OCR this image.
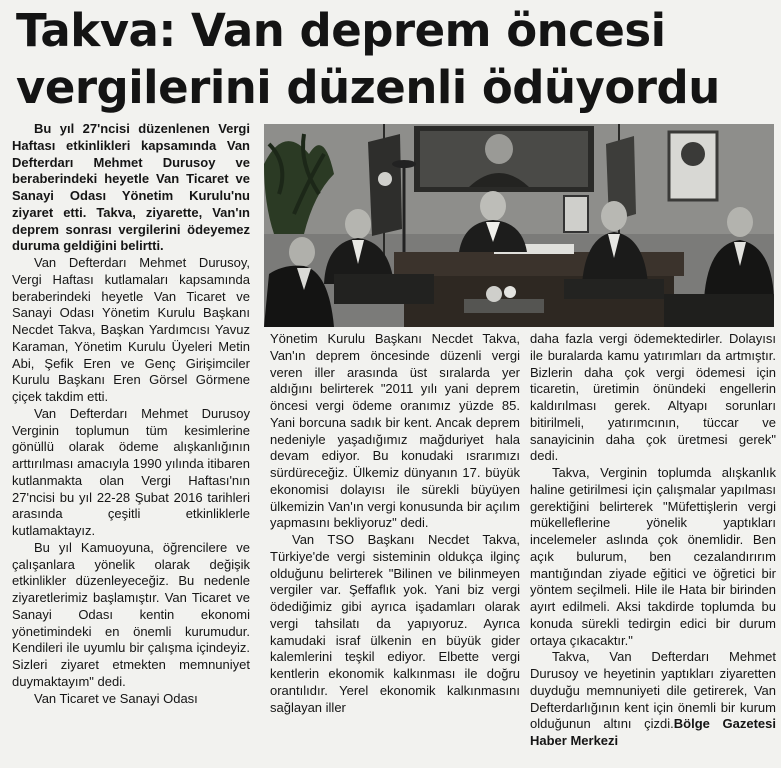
Takva: Van deprem öncesi
vergilerini düzenli ödüyordu

Bu yıl 27'ncisi düzenlenen Vergi Haftası etkinlikleri kapsamında Van Defterdarı Mehmet Durusoy ve beraberindeki heyetle Van Ticaret ve Sanayi Odası Yönetim Kurulu'nu ziyaret etti. Takva, ziyarette, Van'ın deprem sonrası vergilerini ödeyemez duruma geldiğini belirtti.

Van Defterdarı Mehmet Durusoy, Vergi Haftası kutlamaları kapsamında beraberindeki heyetle Van Ticaret ve Sanayi Odası Yönetim Kurulu Başkanı Necdet Takva, Başkan Yardımcısı Yavuz Karaman, Yönetim Kurulu Üyeleri Metin Abi, Şefik Eren ve Genç Girişimciler Kurulu Başkanı Eren Görsel Görmene çiçek takdim etti.

Van Defterdarı Mehmet Durusoy Verginin toplumun tüm kesimlerine gönüllü olarak ödeme alışkanlığının arttırılması amacıyla 1990 yılında itibaren kutlanmakta olan Vergi Haftası'nın 27'ncisi bu yıl 22-28 Şubat 2016 tarihleri arasında çeşitli etkinliklerle kutlamaktayız.

Bu yıl Kamuoyuna, öğrencilere ve çalışanlara yönelik olarak değişik etkinlikler düzenleyeceğiz. Bu nedenle ziyaretlerimiz başlamıştır. Van Ticaret ve Sanayi Odası kentin ekonomi yönetimindeki en önemli kurumudur. Kendileri ile uyumlu bir çalışma içindeyiz. Sizleri ziyaret etmekten memnuniyet duymaktayım" dedi.

Van Ticaret ve Sanayi Odası

Yönetim Kurulu Başkanı Necdet Takva, Van'ın deprem öncesinde düzenli vergi veren iller arasında üst sıralarda yer aldığını belirterek "2011 yılı yani deprem öncesi vergi ödeme oranımız yüzde 85. Yani borcuna sadık bir kent. Ancak deprem nedeniyle yaşadığımız mağduriyet hala devam ediyor. Bu konudaki ısrarımızı sürdüreceğiz. Ülkemiz dünyanın 17. büyük ekonomisi dolayısı ile sürekli büyüyen ülkemizin Van'ın vergi konusunda bir açılım yapmasını bekliyoruz" dedi.

Van TSO Başkanı Necdet Takva, Türkiye'de vergi sisteminin oldukça ilginç olduğunu belirterek "Bilinen ve bilinmeyen vergiler var. Şeffaflık yok. Yani biz vergi ödediğimiz gibi ayrıca işadamları olarak vergi tahsilatı da yapıyoruz. Ayrıca kamudaki israf ülkenin en büyük gider kalemlerini teşkil ediyor. Elbette vergi kentlerin ekonomik kalkınması ile doğru orantılıdır. Yerel ekonomik kalkınmasını sağlayan iller

daha fazla vergi ödemektedirler. Dolayısı ile buralarda kamu yatırımları da artmıştır. Bizlerin daha çok vergi ödemesi için ticaretin, üretimin önündeki engellerin kaldırılması gerek. Altyapı sorunları bitirilmeli, yatırımcının, tüccar ve sanayicinin daha çok üretmesi gerek" dedi.

Takva, Verginin toplumda alışkanlık haline getirilmesi için çalışmalar yapılması gerektiğini belirterek "Müfettişlerin vergi mükelleflerine yönelik yaptıkları incelemeler aslında çok önemlidir. Ben açık bulurum, ben cezalandırırım mantığından ziyade eğitici ve öğretici bir yöntem seçilmeli. Hile ile Hata bir birinden ayırt edilmeli. Aksi takdirde toplumda bu konuda sürekli tedirgin edici bir durum ortaya çıkacaktır."

Takva, Van Defterdarı Mehmet Durusoy ve heyetinin yaptıkları ziyaretten duyduğu memnuniyeti dile getirerek, Van Defterdarlığının kent için önemli bir kurum olduğunun altını çizdi.Bölge Gazetesi Haber Merkezi
